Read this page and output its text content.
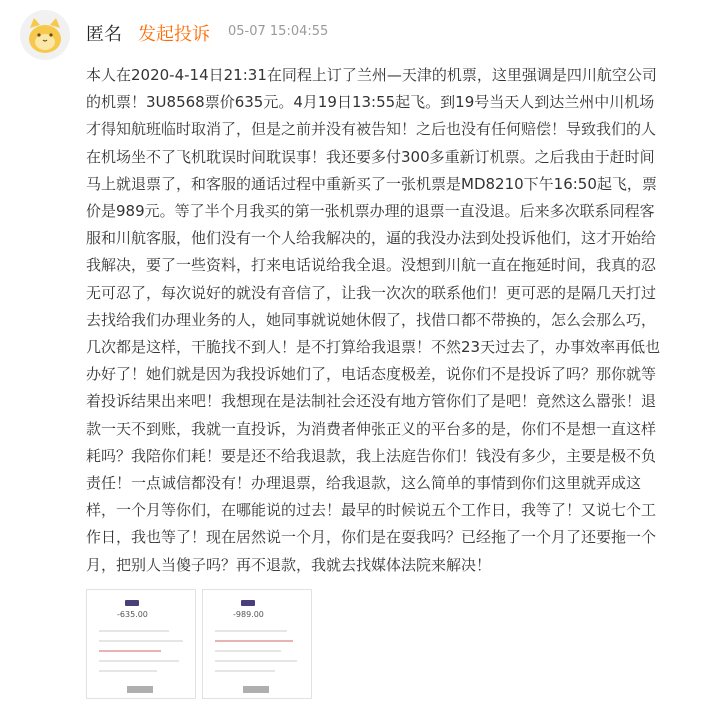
匿名 发起投诉 05-07 15:04:55
本人在2020-4-14日21:31在同程上订了兰州—天津的机票，这里强调是四川航空公司的机票！3U8568票价635元。4月19日13:55起飞。到19号当天人到达兰州中川机场才得知航班临时取消了，但是之前并没有被告知！之后也没有任何赔偿！导致我们的人在机场坐不了飞机耽误时间耽误事！我还要多付300多重新订机票。之后我由于赶时间马上就退票了，和客服的通话过程中重新买了一张机票是MD8210下午16:50起飞，票价是989元。等了半个月我买的第一张机票办理的退票一直没退。后来多次联系同程客服和川航客服，他们没有一个人给我解决的，逼的我没办法到处投诉他们，这才开始给我解决，要了一些资料，打来电话说给我全退。没想到川航一直在拖延时间，我真的忍无可忍了，每次说好的就没有音信了，让我一次次的联系他们！更可恶的是隔几天打过去找给我们办理业务的人，她同事就说她休假了，找借口都不带换的，怎么会那么巧，几次都是这样，干脆找不到人！是不打算给我退票！不然23天过去了，办事效率再低也办好了！她们就是因为我投诉她们了，电话态度极差，说你们不是投诉了吗？那你就等着投诉结果出来吧！我想现在是法制社会还没有地方管你们了是吧！竟然这么嚣张！退款一天不到账，我就一直投诉，为消费者伸张正义的平台多的是，你们不是想一直这样耗吗？我陪你们耗！要是还不给我退款，我上法庭告你们！钱没有多少，主要是极不负责任！一点诚信都没有！办理退票，给我退款，这么简单的事情到你们这里就弄成这样，一个月等你们，在哪能说的过去！最早的时候说五个工作日，我等了！又说七个工作日，我也等了！现在居然说一个月，你们是在耍我吗？已经拖了一个月了还要拖一个月，把别人当傻子吗？再不退款，我就去找媒体法院来解决！
-635.00	-989.00
